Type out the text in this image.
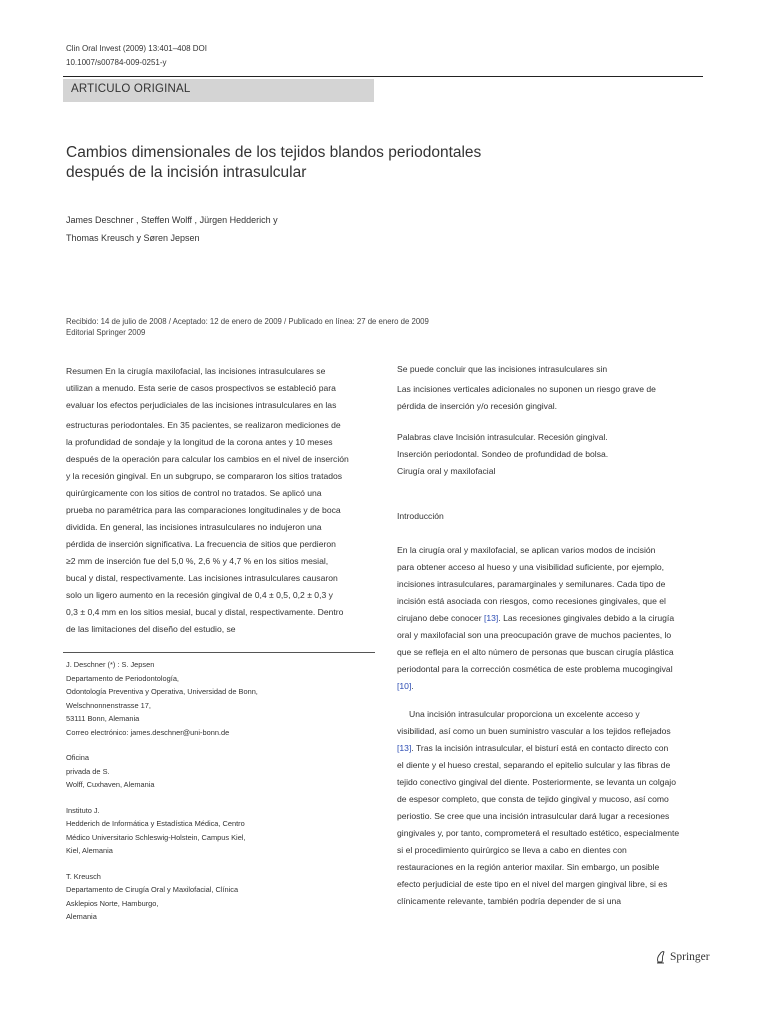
Clin Oral Invest (2009) 13:401–408 DOI
10.1007/s00784-009-0251-y
ARTICULO ORIGINAL
Cambios dimensionales de los tejidos blandos periodontales
después de la incisión intrasulcular
James Deschner , Steffen Wolff , Jürgen Hedderich y
Thomas Kreusch y Søren Jepsen
Recibido: 14 de julio de 2008 / Aceptado: 12 de enero de 2009 / Publicado en línea: 27 de enero de 2009
Editorial Springer 2009
Resumen En la cirugía maxilofacial, las incisiones intrasulculares se
utilizan a menudo. Esta serie de casos prospectivos se estableció para
evaluar los efectos perjudiciales de las incisiones intrasulculares en las
estructuras periodontales. En 35 pacientes, se realizaron mediciones de
la profundidad de sondaje y la longitud de la corona antes y 10 meses
después de la operación para calcular los cambios en el nivel de inserción
y la recesión gingival. En un subgrupo, se compararon los sitios tratados
quirúrgicamente con los sitios de control no tratados. Se aplicó una
prueba no paramétrica para las comparaciones longitudinales y de boca
dividida. En general, las incisiones intrasulculares no indujeron una
pérdida de inserción significativa. La frecuencia de sitios que perdieron
≥2 mm de inserción fue del 5,0 %, 2,6 % y 4,7 % en los sitios mesial,
bucal y distal, respectivamente. Las incisiones intrasulculares causaron
solo un ligero aumento en la recesión gingival de 0,4 ± 0,5, 0,2 ± 0,3 y
0,3 ± 0,4 mm en los sitios mesial, bucal y distal, respectivamente. Dentro
de las limitaciones del diseño del estudio, se
J. Deschner (*) : S. Jepsen
Departamento de Periodontología,
Odontología Preventiva y Operativa, Universidad de Bonn,
Welschnonnenstrasse 17,
53111 Bonn, Alemania
Correo electrónico: james.deschner@uni-bonn.de
Oficina
privada de S.
Wolff, Cuxhaven, Alemania
Instituto J.
Hedderich de Informática y Estadística Médica, Centro
Médico Universitario Schleswig-Holstein, Campus Kiel,
Kiel, Alemania
T. Kreusch
Departamento de Cirugía Oral y Maxilofacial, Clínica
Asklepios Norte, Hamburgo,
Alemania
Se puede concluir que las incisiones intrasulculares sin
Las incisiones verticales adicionales no suponen un riesgo grave de
pérdida de inserción y/o recesión gingival.
Palabras clave Incisión intrasulcular. Recesión gingival.
Inserción periodontal. Sondeo de profundidad de bolsa.
Cirugía oral y maxilofacial
Introducción
En la cirugía oral y maxilofacial, se aplican varios modos de incisión
para obtener acceso al hueso y una visibilidad suficiente, por ejemplo,
incisiones intrasulculares, paramarginales y semilunares. Cada tipo de
incisión está asociada con riesgos, como recesiones gingivales, que el
cirujano debe conocer [13]. Las recesiones gingivales debido a la cirugía
oral y maxilofacial son una preocupación grave de muchos pacientes, lo
que se refleja en el alto número de personas que buscan cirugía plástica
periodontal para la corrección cosmética de este problema mucogingival
[10].
Una incisión intrasulcular proporciona un excelente acceso y
visibilidad, así como un buen suministro vascular a los tejidos reflejados
[13]. Tras la incisión intrasulcular, el bisturí está en contacto directo con
el diente y el hueso crestal, separando el epitelio sulcular y las fibras de
tejido conectivo gingival del diente. Posteriormente, se levanta un colgajo
de espesor completo, que consta de tejido gingival y mucoso, así como
periostio. Se cree que una incisión intrasulcular dará lugar a recesiones
gingivales y, por tanto, comprometerá el resultado estético, especialmente
si el procedimiento quirúrgico se lleva a cabo en dientes con
restauraciones en la región anterior maxilar. Sin embargo, un posible
efecto perjudicial de este tipo en el nivel del margen gingival libre, si es
clínicamente relevante, también podría depender de si una
Springer
